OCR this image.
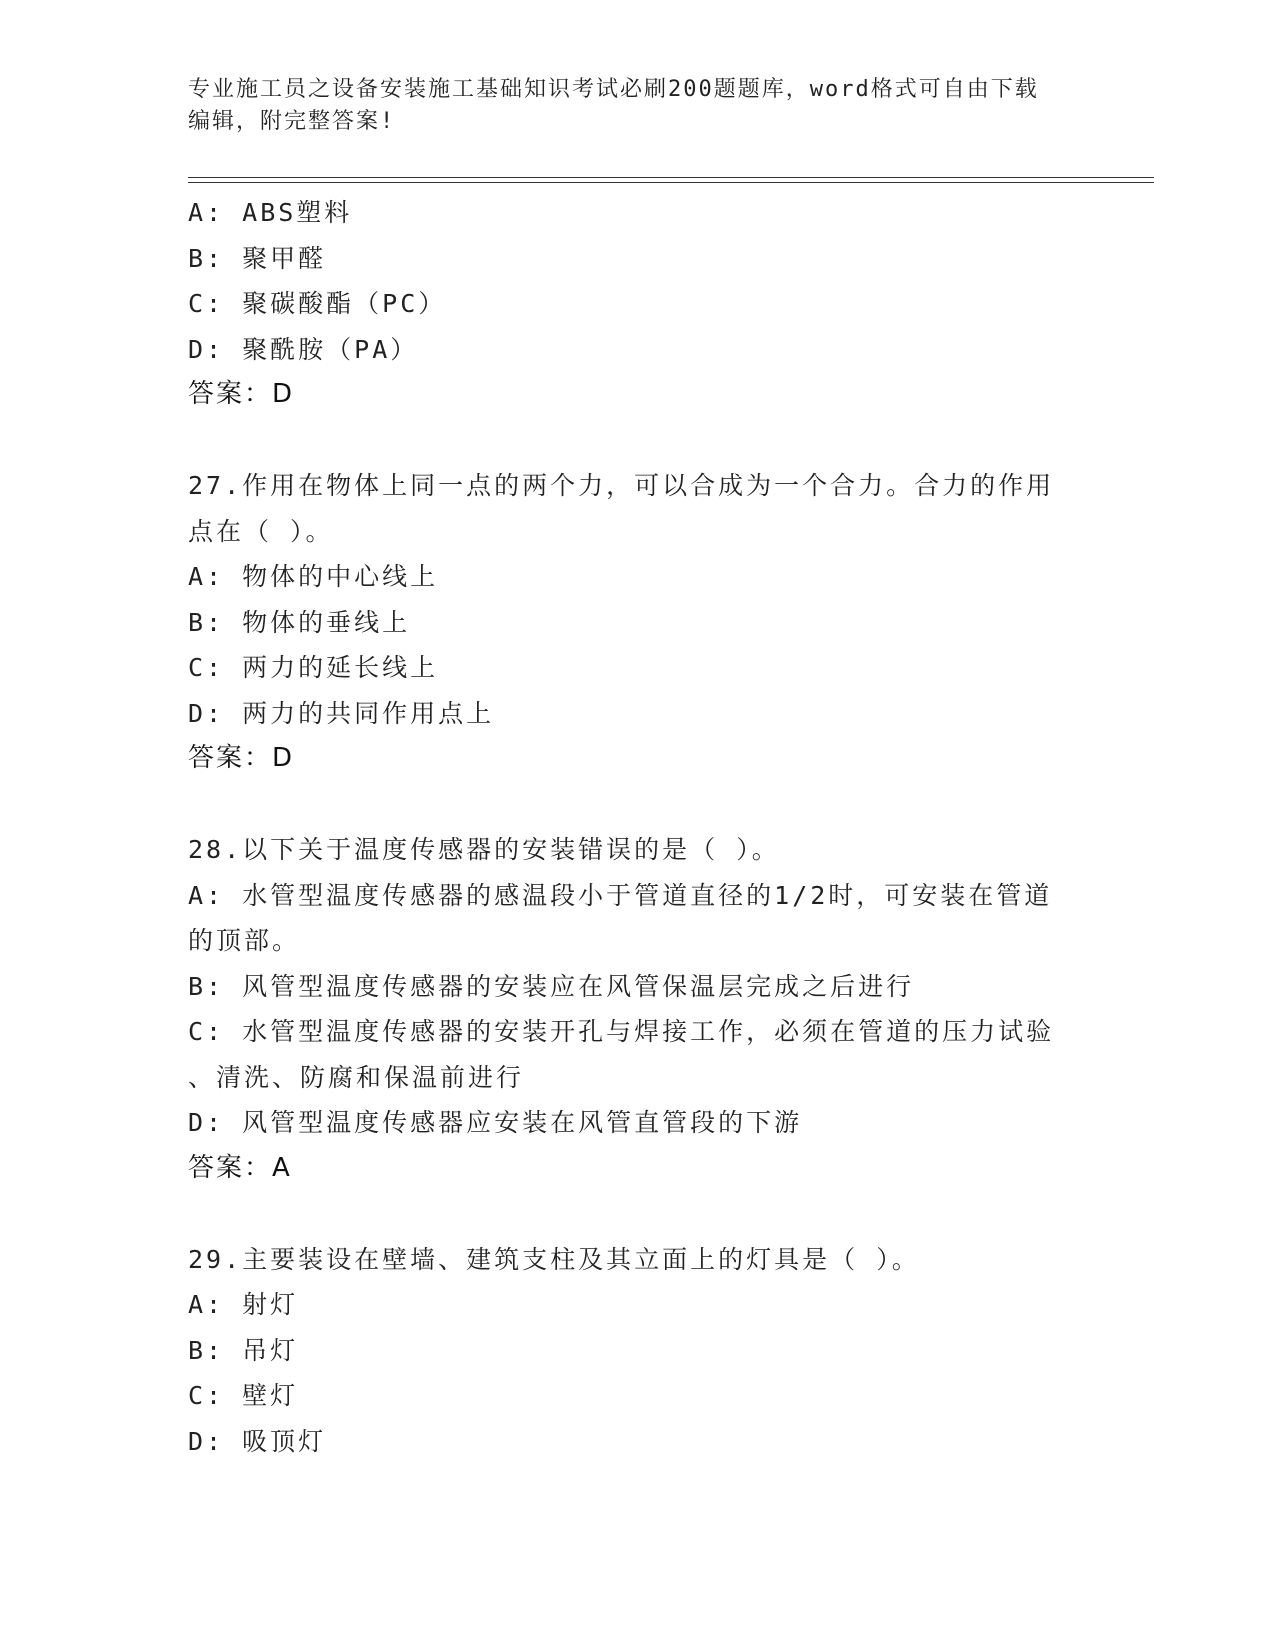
专业施工员之设备安装施工基础知识考试必刷200题题库，word格式可自由下载
编辑，附完整答案!
A: ABS塑料
B: 聚甲醛
C: 聚碳酸酯（PC）
D: 聚酰胺（PA）
答案：D
27.作用在物体上同一点的两个力，可以合成为一个合力。合力的作用
点在（ ）。
A: 物体的中心线上
B: 物体的垂线上
C: 两力的延长线上
D: 两力的共同作用点上
答案：D
28.以下关于温度传感器的安装错误的是（ ）。
A: 水管型温度传感器的感温段小于管道直径的1/2时，可安装在管道
的顶部。
B: 风管型温度传感器的安装应在风管保温层完成之后进行
C: 水管型温度传感器的安装开孔与焊接工作，必须在管道的压力试验
、清洗、防腐和保温前进行
D: 风管型温度传感器应安装在风管直管段的下游
答案：A
29.主要装设在壁墙、建筑支柱及其立面上的灯具是（ ）。
A: 射灯
B: 吊灯
C: 壁灯
D: 吸顶灯
